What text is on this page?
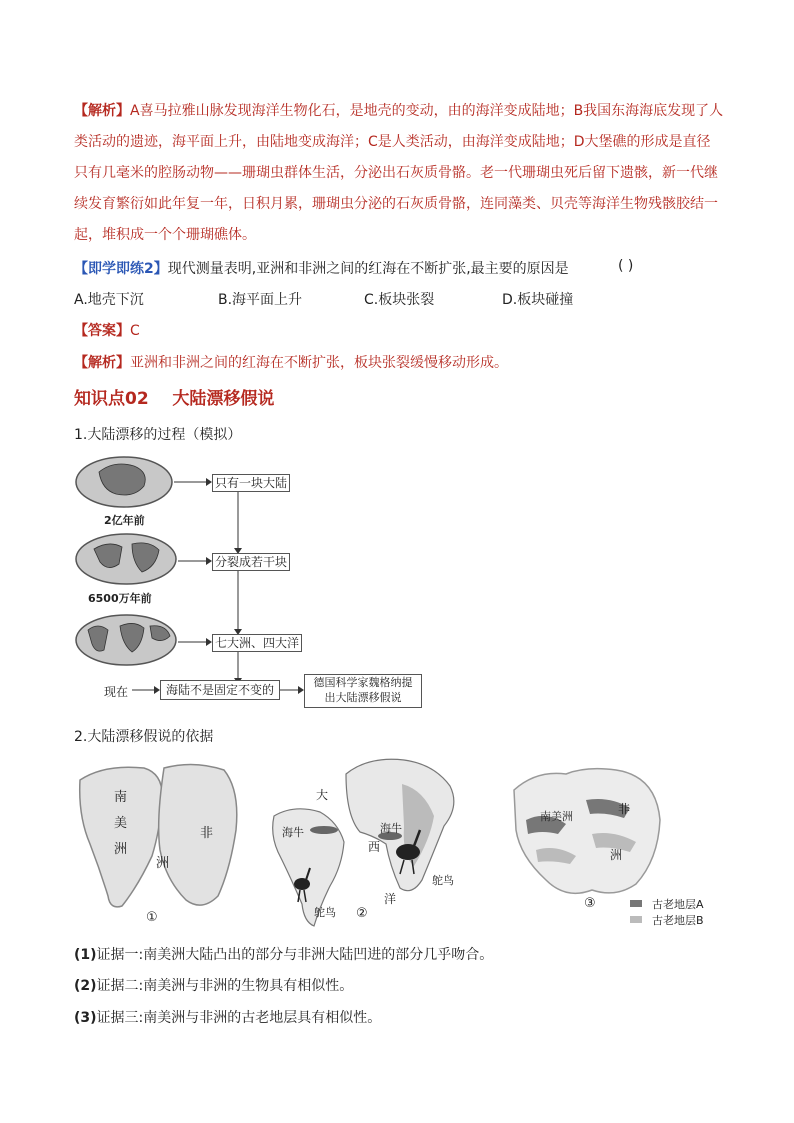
【解析】A喜马拉雅山脉发现海洋生物化石，是地壳的变动，由的海洋变成陆地；B我国东海海底发现了人类活动的遗迹，海平面上升，由陆地变成海洋；C是人类活动，由海洋变成陆地；D大堡礁的形成是直径只有几毫米的腔肠动物——珊瑚虫群体生活，分泌出石灰质骨骼。老一代珊瑚虫死后留下遗骸，新一代继续发育繁衍如此年复一年，日积月累，珊瑚虫分泌的石灰质骨骼，连同藻类、贝壳等海洋生物残骸胶结一起，堆积成一个个珊瑚礁体。
【即学即练2】现代测量表明,亚洲和非洲之间的红海在不断扩张,最主要的原因是	( )
A.地壳下沉	B.海平面上升	C.板块张裂	D.板块碰撞
【答案】C
【解析】亚洲和非洲之间的红海在不断扩张，板块张裂缓慢移动形成。
知识点02    大陆漂移假说
1.大陆漂移的过程（模拟）
2亿年前
6500万年前
只有一块大陆
分裂成若干块
七大洲、四大洋
现在	海陆不是固定不变的
德国科学家魏格纳提
出大陆漂移假说
2.大陆漂移假说的依据
南
美
洲
非
洲
①
大
西
洋
海牛	海牛
鸵鸟
鸵鸟
②
南美洲
非
洲
③	古老地层A
古老地层B
(1)证据一:南美洲大陆凸出的部分与非洲大陆凹进的部分几乎吻合。
(2)证据二:南美洲与非洲的生物具有相似性。
(3)证据三:南美洲与非洲的古老地层具有相似性。
